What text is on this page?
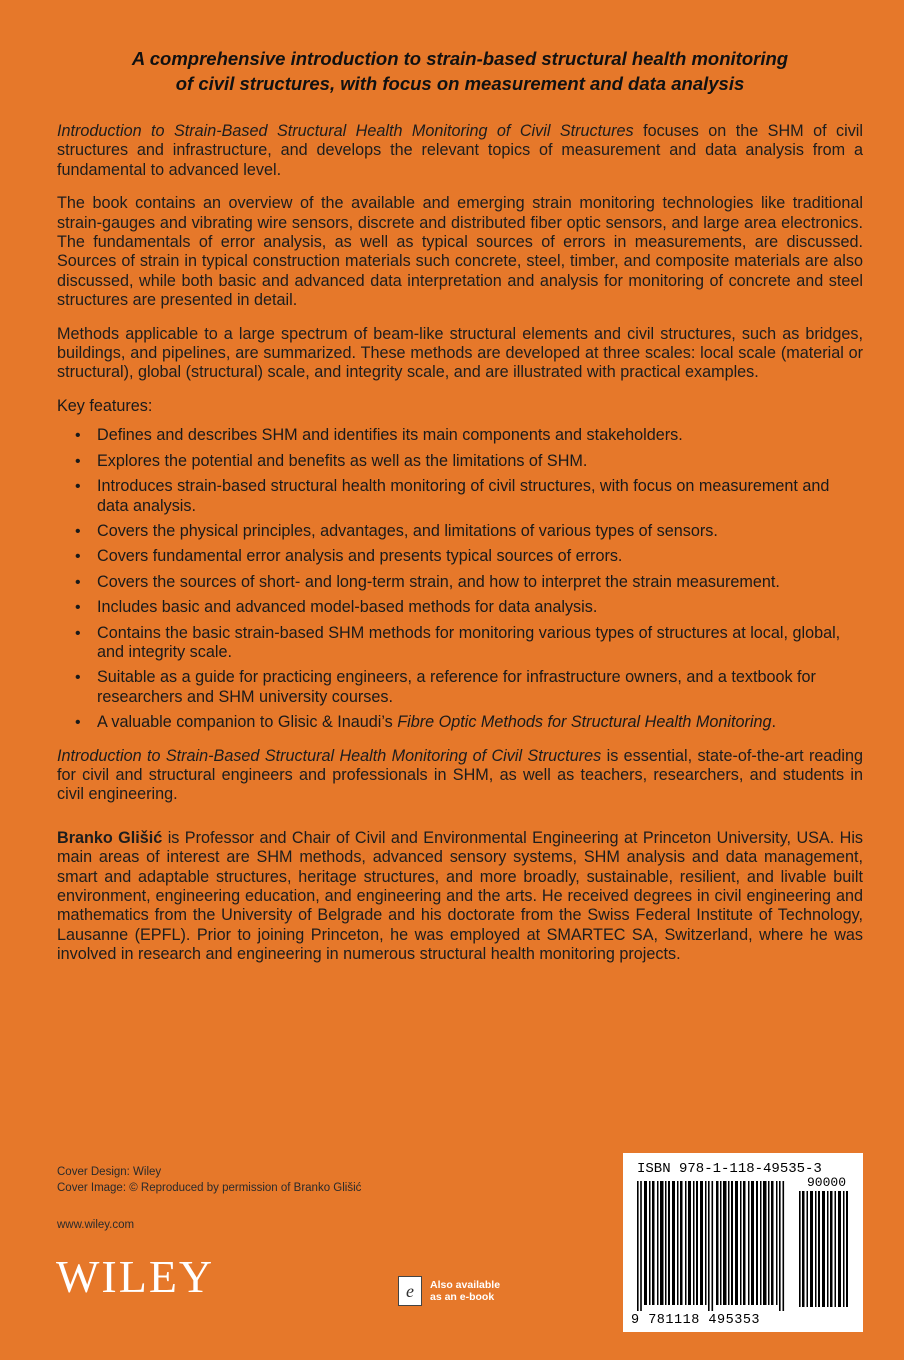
A comprehensive introduction to strain-based structural health monitoring
of civil structures, with focus on measurement and data analysis

Introduction to Strain-Based Structural Health Monitoring of Civil Structures focuses on the SHM of civil structures and infrastructure, and develops the relevant topics of measurement and data analysis from a fundamental to advanced level.

The book contains an overview of the available and emerging strain monitoring technologies like traditional strain-gauges and vibrating wire sensors, discrete and distributed fiber optic sensors, and large area electronics. The fundamentals of error analysis, as well as typical sources of errors in measurements, are discussed. Sources of strain in typical construction materials such concrete, steel, timber, and composite materials are also discussed, while both basic and advanced data interpretation and analysis for monitoring of concrete and steel structures are presented in detail.

Methods applicable to a large spectrum of beam-like structural elements and civil structures, such as bridges, buildings, and pipelines, are summarized. These methods are developed at three scales: local scale (material or structural), global (structural) scale, and integrity scale, and are illustrated with practical examples.

Key features:
• Defines and describes SHM and identifies its main components and stakeholders.
• Explores the potential and benefits as well as the limitations of SHM.
• Introduces strain-based structural health monitoring of civil structures, with focus on measurement and data analysis.
• Covers the physical principles, advantages, and limitations of various types of sensors.
• Covers fundamental error analysis and presents typical sources of errors.
• Covers the sources of short- and long-term strain, and how to interpret the strain measurement.
• Includes basic and advanced model-based methods for data analysis.
• Contains the basic strain-based SHM methods for monitoring various types of structures at local, global, and integrity scale.
• Suitable as a guide for practicing engineers, a reference for infrastructure owners, and a textbook for researchers and SHM university courses.
• A valuable companion to Glisic & Inaudi’s Fibre Optic Methods for Structural Health Monitoring.

Introduction to Strain-Based Structural Health Monitoring of Civil Structures is essential, state-of-the-art reading for civil and structural engineers and professionals in SHM, as well as teachers, researchers, and students in civil engineering.

Branko Glišić is Professor and Chair of Civil and Environmental Engineering at Princeton University, USA. His main areas of interest are SHM methods, advanced sensory systems, SHM analysis and data management, smart and adaptable structures, heritage structures, and more broadly, sustainable, resilient, and livable built environment, engineering education, and engineering and the arts. He received degrees in civil engineering and mathematics from the University of Belgrade and his doctorate from the Swiss Federal Institute of Technology, Lausanne (EPFL). Prior to joining Princeton, he was employed at SMARTEC SA, Switzerland, where he was involved in research and engineering in numerous structural health monitoring projects.

Cover Design: Wiley
Cover Image: © Reproduced by permission of Branko Glišić
www.wiley.com
WILEY	e	Also available
as an e-book
ISBN 978-1-118-49535-3
90000
9 781118 495353
